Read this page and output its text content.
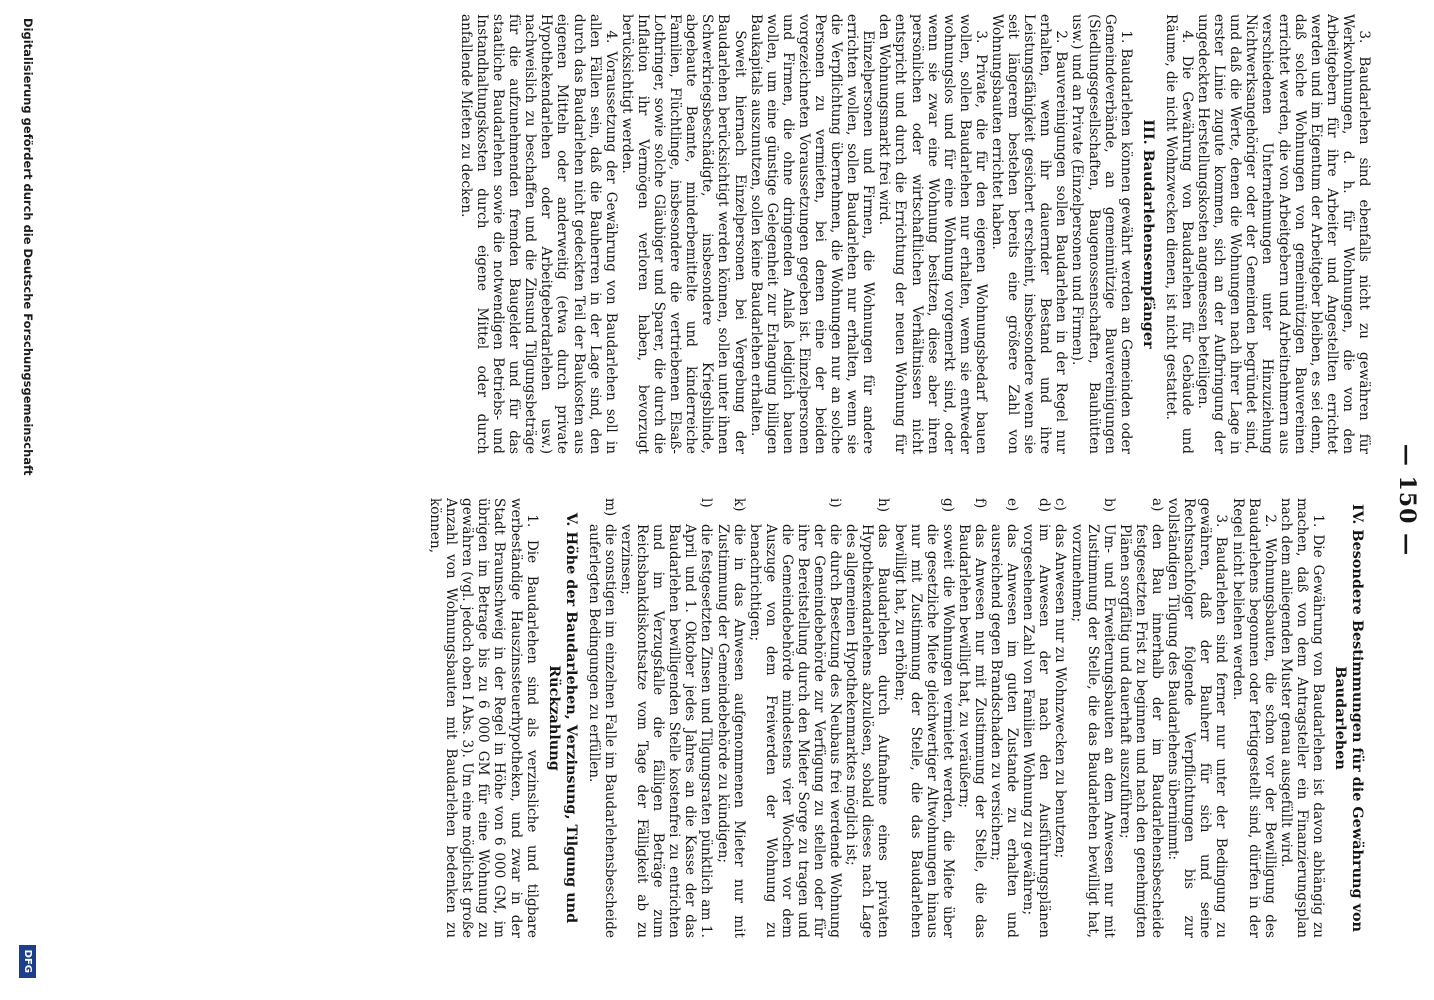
— 150 —

3. Baudarlehen sind ebenfalls nicht zu gewähren für Werkwohnungen, d. h. für Wohnungen, die von den Arbeitgebern für ihre Arbeiter und Angestellten errichtet werden und im Eigentum der Arbeitgeber bleiben, es sei denn, daß solche Wohnungen von gemeinnützigen Bauvereinen errichtet werden, die von Arbeitgebern und Arbeitnehmern aus verschiedenen Unternehmungen unter Hinzuziehung Nichtwerksangehöriger oder der Gemeinden begründet sind, und daß die Werte, denen die Wohnungen nach ihrer Lage in erster Linie zugute kommen, sich an der Aufbringung der ungedeckten Herstellungskosten angemessen beteiligen.

4. Die Gewährung von Baudarlehen für Gebäude und Räume, die nicht Wohnzwecken dienen, ist nicht gestattet.

III. Baudarlehensempfänger

1. Baudarlehen können gewährt werden an Gemeinden oder Gemeindeverbände, an gemeinnützige Bauvereinigungen (Siedlungsgesellschaften, Baugenossenschaften, Bauhütten usw.) und an Private (Einzelpersonen und Firmen).

2. Bauvereinigungen sollen Baudarlehen in der Regel nur erhalten, wenn ihr dauernder Bestand und ihre Leistungsfähigkeit gesichert erscheint, insbesondere wenn sie seit längerem bestehen bereits eine größere Zahl von Wohnungsbauten errichtet haben.

3. Private, die für den eigenen Wohnungsbedarf bauen wollen, sollen Baudarlehen nur erhalten, wenn sie entweder wohnungslos und für eine Wohnung vorgemerkt sind, oder wenn sie zwar eine Wohnung besitzen, diese aber ihren persönlichen oder wirtschaftlichen Verhältnissen nicht entspricht und durch die Errichtung der neuen Wohnung für den Wohnungsmarkt frei wird.

Einzelpersonen und Firmen, die Wohnungen für andere errichten wollen, sollen Baudarlehen nur erhalten, wenn sie die Verpflichtung übernehmen, die Wohnungen nur an solche Personen zu vermieten, bei denen eine der beiden vorgezeichneten Voraussetzungen gegeben ist. Einzelpersonen und Firmen, die ohne dringenden Anlaß lediglich bauen wollen, um eine günstige Gelegenheit zur Erlangung billigen Baukapitals auszunutzen, sollen keine Baudarlehen erhalten.

Soweit hiernach Einzelpersonen bei Vergebung der Baudarlehen berücksichtigt werden können, sollen unter ihnen Schwerkriegsbeschädigte, insbesondere Kriegsblinde, abgebaute Beamte, minderbemittelte und kinderreiche Familien, Flüchtlinge, insbesondere die vertriebenen Elsaß-Lothringer, sowie solche Gläubiger und Sparer, die durch die Inflation ihr Vermögen verloren haben, bevorzugt berücksichtigt werden.

4. Voraussetzung der Gewährung von Baudarlehen soll in allen Fällen sein, daß die Bauherren in der Lage sind, den durch das Baudarlehen nicht gedeckten Teil der Baukosten aus eigenen Mitteln oder anderweitig (etwa durch private Hypothekendarlehen oder Arbeitgeberdarlehen usw.) nachweislich zu beschaffen und die Zinsund Tilgungsbeträge für die aufzunehmenden fremden Baugelder und für das staatliche Baudarlehen sowie die notwendigen Betriebs- und Instandhaltungskosten durch eigene Mittel oder durch anfallende Mieten zu decken.

IV. Besondere Bestimmungen für die Gewährung von Baudarlehen

1. Die Gewährung von Baudarlehen ist davon abhängig zu machen, daß von dem Antragsteller ein Finanzierungsplan nach dem anliegenden Muster genau ausgefüllt wird.

2. Wohnungsbauten, die schon vor der Bewilligung des Baudarlehens begonnen oder fertiggestellt sind, dürfen in der Regel nicht beliehen werden.

3. Baudarlehen sind ferner nur unter der Bedingung zu gewähren, daß der Bauherr für sich und seine Rechtsnachfolger folgende Verpflichtungen bis zur vollständigen Tilgung des Baudarlehens übernimmt:

a)
den Bau innerhalb der im Baudarlehensbescheide festgesetzten Frist zu beginnen und nach den genehmigten Plänen sorgfältig und dauerhaft auszuführen;
b)
Um- und Erweiterungsbauten an dem Anwesen nur mit Zustimmung der Stelle, die das Baudarlehen bewilligt hat, vorzunehmen;
c)
das Anwesen nur zu Wohnzwecken zu benutzen;
d)
im Anwesen der nach den Ausführungsplänen vorgesehenen Zahl von Familien Wohnung zu gewähren;
e)
das Anwesen im guten Zustande zu erhalten und ausreichend gegen Brandschaden zu versichern;
f)
das Anwesen nur mit Zustimmung der Stelle, die das Baudarlehen bewilligt hat, zu veräußern;
g)
soweit die Wohnungen vermietet werden, die Miete über die gesetzliche Miete gleichwertiger Altwohnungen hinaus nur mit Zustimmung der Stelle, die das Baudarlehen bewilligt hat, zu erhöhen;
h)
das Baudarlehen durch Aufnahme eines privaten Hypothekendarlehens abzulösen, sobald dieses nach Lage des allgemeinen Hypothekenmarktes möglich ist;
i)
die durch Besetzung des Neubaus frei werdende Wohnung der Gemeindebehörde zur Verfügung zu stellen oder für ihre Bereitstellung durch den Mieter Sorge zu tragen und die Gemeindebehörde mindestens vier Wochen vor dem Auszuge von dem Freiwerden der Wohnung zu benachrichtigen;
k)
die in das Anwesen aufgenommenen Mieter nur mit Zustimmung der Gemeindebehörde zu kündigen;
l)
die festgesetzten Zinsen und Tilgungsraten pünktlich am 1. April und 1. Oktober jedes Jahres an die Kasse der das Baudarlehen bewilligenden Stelle kostenfrei zu entrichten und im Verzugsfalle die fälligen Beträge zum Reichsbankdiskontsatze vom Tage der Fälligkeit ab zu verzinsen;
m)
die sonstigen im einzelnen Falle im Baudarlehensbescheide auferlegten Bedingungen zu erfüllen.
V. Höhe der Baudarlehen, Verzinsung, Tilgung und Rückzahlung

1. Die Baudarlehen sind als verzinsliche und tilgbare werbeständige Hauszinssteuerhypotheken, und zwar in der Stadt Braunschweig in der Regel in Höhe von 6 000 GM, im übrigen im Betrage bis zu 6 000 GM für eine Wohnung zu gewähren (vgl. jedoch oben I Abs. 3). Um eine möglichst große Anzahl von Wohnungsbauten mit Baudarlehen bedenken zu können,

Digitalisierung gefördert durch die Deutsche Forschungsgemeinschaft
DFG
